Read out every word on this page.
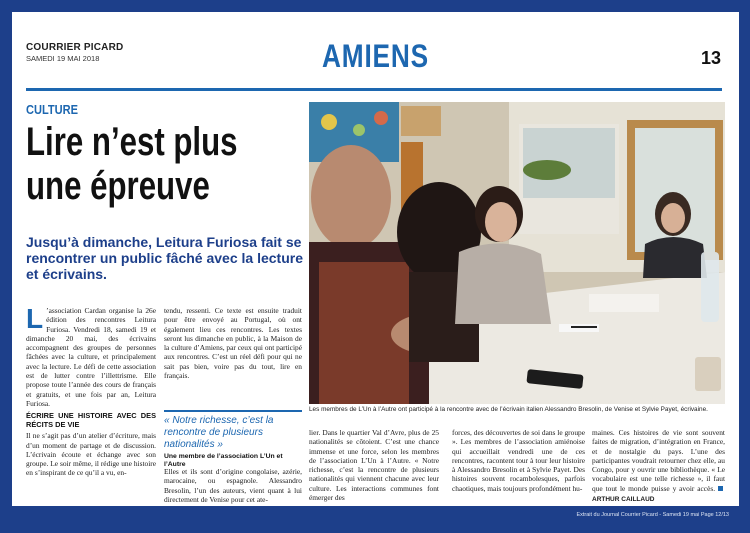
COURRIER PICARD
SAMEDI 19 MAI 2018	AMIENS	13
CULTURE
Lire n’est plus
une épreuve
Jusqu’à dimanche, Leitura Furiosa fait se rencontrer un public fâché avec la lecture et écrivains.
Les membres de L’Un à l’Autre ont participé à la rencontre avec de l’écrivain italien Alessandro Bresolin, de Venise et Sylvie Payet, écrivaine.

L ’association Cardan organise la 26e édition des rencontres Leitura Furiosa. Vendredi 18, samedi 19 et dimanche 20 mai, des écrivains accompagnent des groupes de personnes fâchées avec la culture, et principalement avec la lecture. Le défi de cette association est de lutter contre l’illettrisme. Elle propose toute l’année des cours de français et gratuits, et une fois par an, Leitura Furiosa.

ÉCRIRE UNE HISTOIRE AVEC DES RÉCITS DE VIE

Il ne s’agit pas d’un atelier d’écriture, mais d’un moment de partage et de discussion. L’écrivain écoute et échange avec son groupe. Le soir même, il rédige une histoire en s’inspirant de ce qu’il a vu, en-

tendu, ressenti. Ce texte est ensuite traduit pour être envoyé au Portugal, où ont également lieu ces rencontres. Les textes seront lus dimanche en public, à la Maison de la culture d’Amiens, par ceux qui ont participé aux rencontres. C’est un réel défi pour qui ne sait pas bien, voire pas du tout, lire en français.

« Notre richesse, c’est la rencontre de plusieurs nationalités »
Une membre de l’association L’Un et l’Autre
Elles et ils sont d’origine congolaise, azérie, marocaine, ou espagnole. Alessandro Bresolin, l’un des auteurs, vient quant à lui directement de Venise pour cet ate-
lier. Dans le quartier Val d’Avre, plus de 25 nationalités se côtoient. C’est une chance immense et une force, selon les membres de l’association L’Un à l’Autre. « Notre richesse, c’est la rencontre de plusieurs nationalités qui viennent chacune avec leur culture. Les interactions communes font émerger des
forces, des découvertes de soi dans le groupe ». Les membres de l’association amiénoise qui accueillait vendredi une de ces rencontres, racontent tour à tour leur histoire à Alessandro Bresolin et à Sylvie Payet. Des histoires souvent rocambolesques, parfois chaotiques, mais toujours profondément hu-
maines. Ces histoires de vie sont souvent faites de migration, d’intégration en France, et de nostalgie du pays. L’une des participantes voudrait retourner chez elle, au Congo, pour y ouvrir une bibliothèque. « Le vocabulaire est une telle richesse », il faut que tout le monde puisse y avoir accès. ARTHUR CAILLAUD
Extrait du Journal Courrier Picard - Samedi 19 mai Page 12/13
